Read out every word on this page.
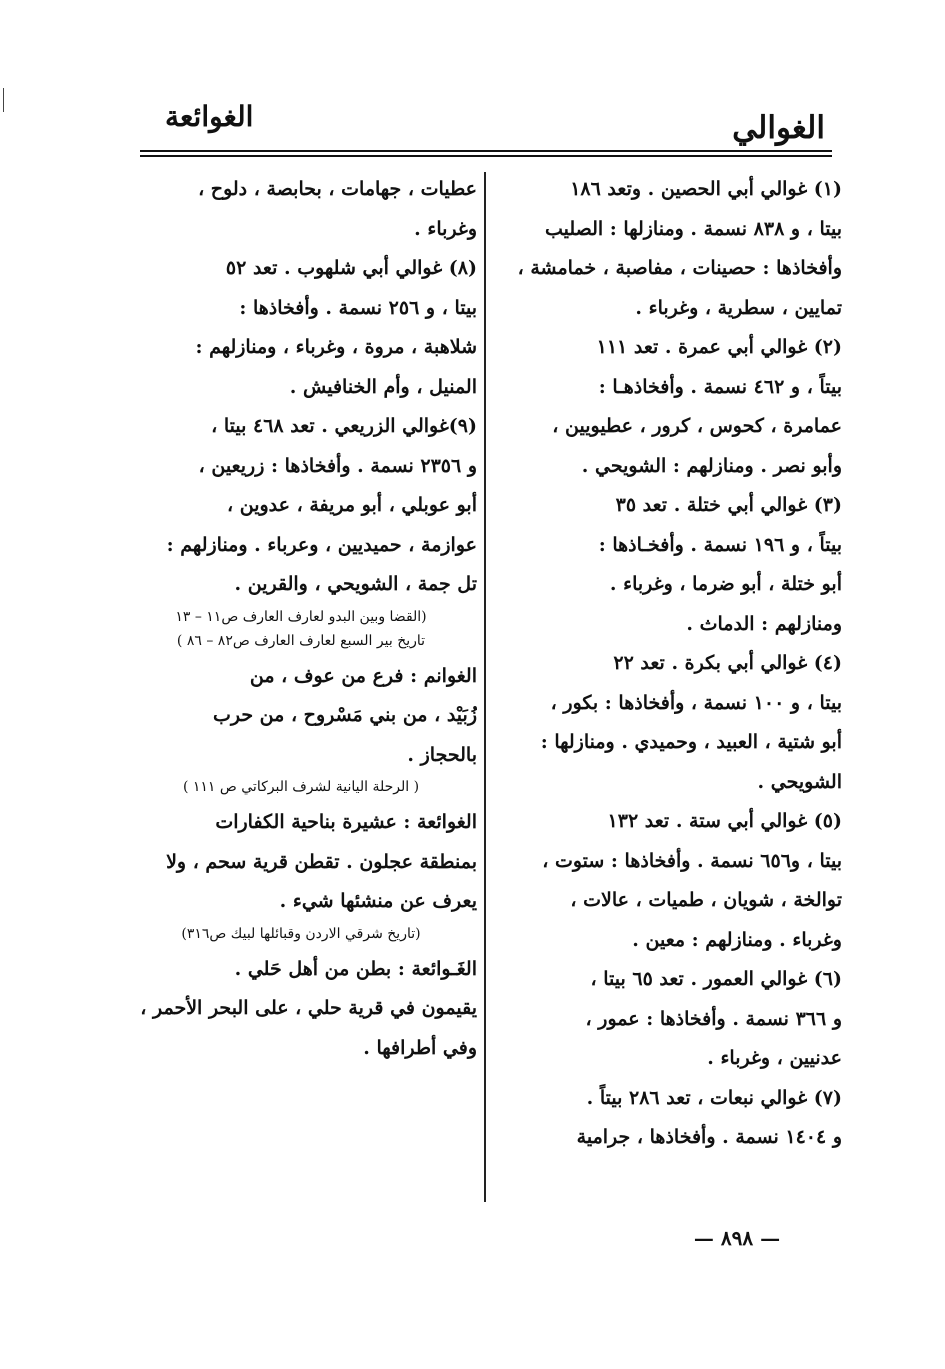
الغوالي
الغوائعة
(١) غوالي أبي الحصين . وتعد ١٨٦
بيتا ، و ٨٣٨ نسمة . ومنازلها : الصليب
وأفخاذها : حصينات ، مفاصبة ، خمامشة ،
تمايين ، سطرية ، وغرباء .
(٢) غوالي أبي عمرة . تعد ١١١
بيتاً ، و ٤٦٢ نسمة . وأفخاذهـا :
عمامرة ، كحوس ، كرور ، عطيويين ،
وأبو نصر . ومنازلهم : الشويحي .
(٣) غوالي أبي ختلة . تعد ٣٥
بيتاً ، و ١٩٦ نسمة . وأفخـاذها :
أبو ختلة ، أبو ضرما ، وغرباء .
ومنازلهم : الدماث .
(٤) غوالي أبي بكرة . تعد ٢٢
بيتا ، و ١٠٠ نسمة ، وأفخاذها : بكور ،
أبو شتية ، العبيد ، وحميدي . ومنازلها :
الشويحي .
(٥) غوالي أبي ستة . تعد ١٣٢
بيتا ، و٦٥٦ نسمة . وأفخاذها : ستوت ،
توالخة ، شويان ، طميات ، عالات ،
وغرباء . ومنازلهم : معين .
(٦) غوالي العمور . تعد ٦٥ بيتا ،
و ٣٦٦ نسمة . وأفخاذها : عمور ،
عدنيين ، وغرباء .
(٧) غوالي نبعات ، تعد ٢٨٦ بيتاً .
و ١٤٠٤ نسمة . وأفخاذها ، جرامية
عطيات ، جهامات ، بحابصة ، دلوح ،
وغرباء .
(٨) غوالي أبي شلهوب . تعد ٥٢
بيتا ، و ٢٥٦ نسمة . وأفخاذها :
شلاهبة ، مروة ، وغرباء ، ومنازلهم :
المنيل ، وأم الخنافيش .
(٩)غوالي الزريعي . تعد ٤٦٨ بيتا ،
و ٢٣٥٦ نسمة . وأفخاذها : زريعين ،
أبو عوبلي ، أبو مريفة ، عدوين ،
عوازمة ، حميديين ، وعرباء . ومنازلهم :
تل جمة ، الشويحي ، والقرين .
(القضا وبين البدو لعارف العارف ص١١ – ١٣
تاريخ بير السبع لعارف العارف ص٨٢ – ٨٦ )
الغوانم : فرع من عوف ، من
زُبَيْد ، من بني مَسْروح ، من حرب
بالحجاز .
( الرحلة اليانية لشرف البركاتي ص ١١١ )
الغوائعة : عشيرة بناحية الكفارات
بمنطقة عجلون . تقطن قرية سحم ، ولا
يعرف عن منشئها شيء .
(تاريخ شرقي الاردن وقبائلها لبيك ص٣١٦)
الغَـوائعة : بطن من أهل حَلي .
يقيمون في قرية حلي ، على البحر الأحمر ،
وفي أطرافها .
— ٨٩٨ —
